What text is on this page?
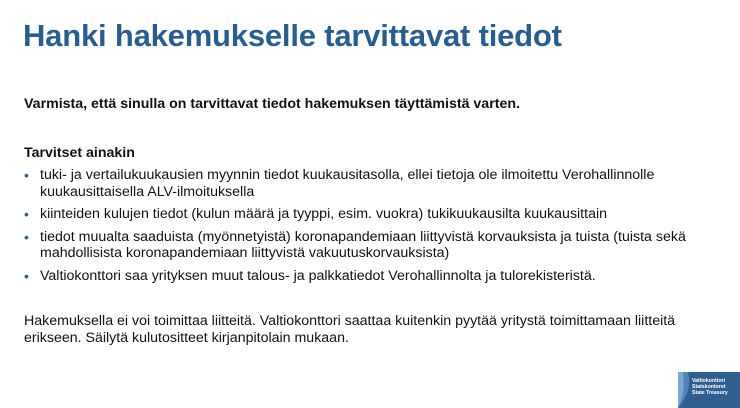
Hanki hakemukselle tarvittavat tiedot

Varmista, että sinulla on tarvittavat tiedot hakemuksen täyttämistä varten.

Tarvitset ainakin

• tuki- ja vertailukuukausien myynnin tiedot kuukausitasolla, ellei tietoja ole ilmoitettu Verohallinnolle kuukausittaisella ALV-ilmoituksella
• kiinteiden kulujen tiedot (kulun määrä ja tyyppi, esim. vuokra) tukikuukausilta kuukausittain
• tiedot muualta saaduista (myönnetyistä) koronapandemiaan liittyvistä korvauksista ja tuista (tuista sekä mahdollisista koronapandemiaan liittyvistä vakuutuskorvauksista)
• Valtiokonttori saa yrityksen muut talous- ja palkkatiedot Verohallinnolta ja tulorekisteristä.

Hakemuksella ei voi toimittaa liitteitä. Valtiokonttori saattaa kuitenkin pyytää yritystä toimittamaan liitteitä erikseen. Säilytä kulutositteet kirjanpitolain mukaan.

Valtiokonttori
Statskontoret
State Treasury
